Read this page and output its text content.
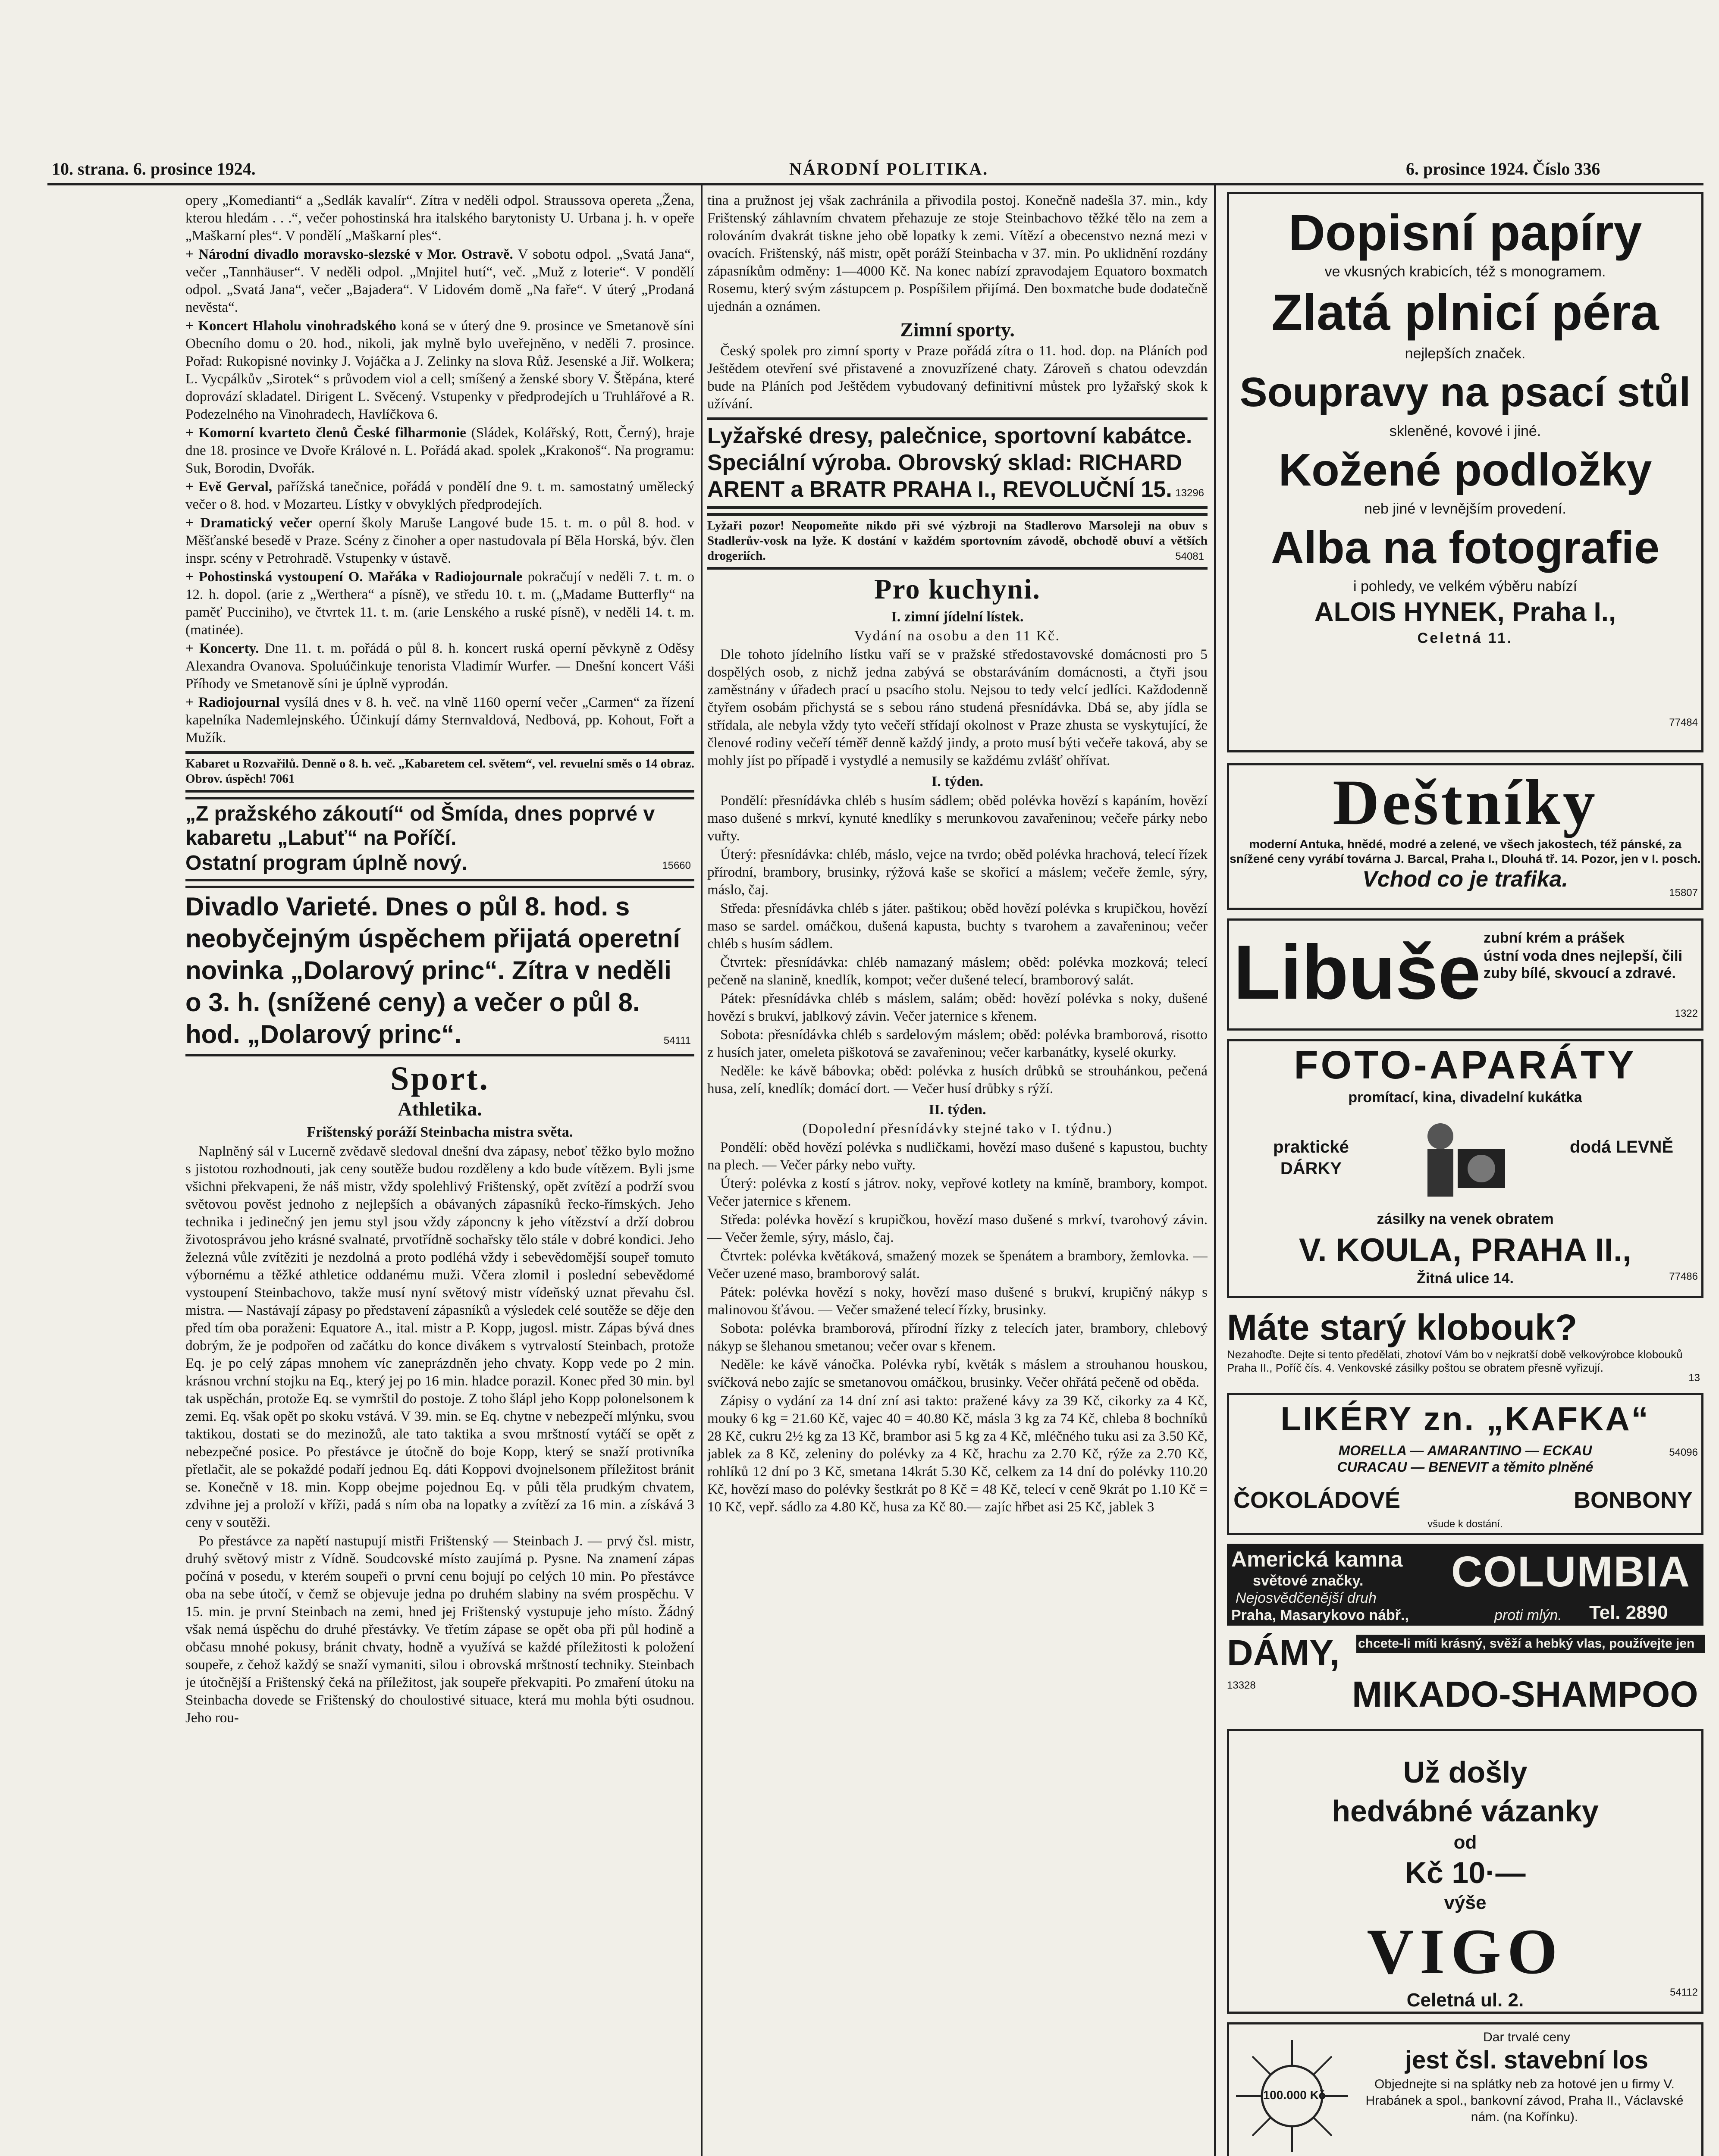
10. strana. 6. prosince 1924.	NÁRODNÍ POLITIKA.	6. prosince 1924. Číslo 336

opery „Komedianti“ a „Sedlák kavalír“. Zítra v neděli odpol. Straussova opereta „Žena, kterou hledám . . .“, večer pohostinská hra italského barytonisty U. Urbana j. h. v opeře „Maškarní ples“. V pondělí „Maškarní ples“.

+ Národní divadlo moravsko-slezské v Mor. Ostravě. V sobotu odpol. „Svatá Jana“, večer „Tannhäuser“. V neděli odpol. „Mnjitel hutí“, več. „Muž z loterie“. V pondělí odpol. „Svatá Jana“, večer „Bajadera“. V Lidovém domě „Na faře“. V úterý „Prodaná nevěsta“.

+ Koncert Hlaholu vinohradského koná se v úterý dne 9. prosince ve Smetanově síni Obecního domu o 20. hod., nikoli, jak mylně bylo uveřejněno, v neděli 7. prosince. Pořad: Rukopisné novinky J. Vojáčka a J. Zelinky na slova Růž. Jesenské a Jiř. Wolkera; L. Vycpálkův „Sirotek“ s průvodem viol a cell; smíšený a ženské sbory V. Štěpána, které doprovází skladatel. Dirigent L. Svěcený. Vstupenky v předprodejích u Truhlářové a R. Podezelného na Vinohradech, Havlíčkova 6.

+ Komorní kvarteto členů České filharmonie (Sládek, Kolářský, Rott, Černý), hraje dne 18. prosince ve Dvoře Králové n. L. Pořádá akad. spolek „Krakonoš“. Na programu: Suk, Borodin, Dvořák.

+ Evě Gerval, pařížská tanečnice, pořádá v pondělí dne 9. t. m. samostatný umělecký večer o 8. hod. v Mozarteu. Lístky v obvyklých předprodejích.

+ Dramatický večer operní školy Maruše Langové bude 15. t. m. o půl 8. hod. v Měšťanské besedě v Praze. Scény z činoher a oper nastudovala pí Běla Horská, býv. člen inspr. scény v Petrohradě. Vstupenky v ústavě.

+ Pohostinská vystoupení O. Mařáka v Radiojournale pokračují v neděli 7. t. m. o 12. h. dopol. (arie z „Werthera“ a písně), ve středu 10. t. m. („Madame Butterfly“ na paměť Pucciniho), ve čtvrtek 11. t. m. (arie Lenského a ruské písně), v neděli 14. t. m. (matinée).

+ Koncerty. Dne 11. t. m. pořádá o půl 8. h. koncert ruská operní pěvkyně z Oděsy Alexandra Ovanova. Spoluúčinkuje tenorista Vladimír Wurfer. — Dnešní koncert Váši Příhody ve Smetanově síni je úplně vyprodán.

+ Radiojournal vysílá dnes v 8. h. več. na vlně 1160 operní večer „Carmen“ za řízení kapelníka Nademlejnského. Účinkují dámy Sternvaldová, Nedbová, pp. Kohout, Fořt a Mužík.

Kabaret u Rozvařilů. Denně o 8. h. več. „Kabaretem cel. světem“, vel. revuelní směs o 14 obraz. Obrov. úspěch! 7061

„Z pražského zákoutí“ od Šmída, dnes poprvé v kabaretu „Labuť“ na Poříčí.

Ostatní program úplně nový.	15660

Divadlo Varieté. Dnes o půl 8. hod. s neobyčejným úspěchem přijatá operetní novinka „Dolarový princ“. Zítra v neděli o 3. h. (snížené ceny) a večer o půl 8. hod. „Dolarový princ“.	54111
Sport.
Athletika.
Frištenský poráží Steinbacha mistra světa.

Naplněný sál v Lucerně zvědavě sledoval dnešní dva zápasy, neboť těžko bylo možno s jistotou rozhodnouti, jak ceny soutěže budou rozděleny a kdo bude vítězem. Byli jsme všichni překvapeni, že náš mistr, vždy spolehlivý Frištenský, opět zvítězí a podrží svou světovou pověst jednoho z nejlepších a obávaných zápasníků řecko-římských. Jeho technika i jedinečný jen jemu styl jsou vždy záponcny k jeho vítězství a drží dobrou životosprávou jeho krásné svalnaté, prvotřídně sochařsky tělo stále v dobré kondici. Jeho železná vůle zvítěziti je nezdolná a proto podléhá vždy i sebevědomější soupeř tomuto výbornému a těžké athletice oddanému muži. Včera zlomil i poslední sebevědomé vystoupení Steinbachovo, takže musí nyní světový mistr vídeňský uznat převahu čsl. mistra. — Nastávají zápasy po představení zápasníků a výsledek celé soutěže se děje den před tím oba poraženi: Equatore A., ital. mistr a P. Kopp, jugosl. mistr. Zápas bývá dnes dobrým, že je podpořen od začátku do konce divákem s vytrvalostí Steinbach, protože Eq. je po celý zápas mnohem víc zaneprázdněn jeho chvaty. Kopp vede po 2 min. krásnou vrchní stojku na Eq., který jej po 16 min. hladce porazil. Konec před 30 min. byl tak uspěchán, protože Eq. se vymrštil do postoje. Z toho šlápl jeho Kopp polonelsonem k zemi. Eq. však opět po skoku vstává. V 39. min. se Eq. chytne v nebezpečí mlýnku, svou taktikou, dostati se do mezinožů, ale tato taktika a svou mrštností vytáčí se opět z nebezpečné posice. Po přestávce je útočně do boje Kopp, který se snaží protivníka přetlačit, ale se pokaždé podaří jednou Eq. dáti Koppovi dvojnelsonem příležitost bránit se. Konečně v 18. min. Kopp obejme pojednou Eq. v půli těla prudkým chvatem, zdvihne jej a proloží v kříži, padá s ním oba na lopatky a zvítězí za 16 min. a získává 3 ceny v soutěži.

Po přestávce za napětí nastupují mistři Frištenský — Steinbach J. — prvý čsl. mistr, druhý světový mistr z Vídně. Soudcovské místo zaujímá p. Pysne. Na znamení zápas počíná v posedu, v kterém soupeři o první cenu bojují po celých 10 min. Po přestávce oba na sebe útočí, v čemž se objevuje jedna po druhém slabiny na svém prospěchu. V 15. min. je první Steinbach na zemi, hned jej Frištenský vystupuje jeho místo. Žádný však nemá úspěchu do druhé přestávky. Ve třetím zápase se opět oba při půl hodině a občasu mnohé pokusy, bránit chvaty, hodně a využívá se každé příležitosti k položení soupeře, z čehož každý se snaží vymaniti, silou i obrovská mrštností techniky. Steinbach je útočnější a Frištenský čeká na příležitost, jak soupeře překvapiti. Po zmaření útoku na Steinbacha dovede se Frištenský do choulostivé situace, která mu mohla býti osudnou. Jeho rou-

tina a pružnost jej však zachránila a přivodila postoj. Konečně nadešla 37. min., kdy Frištenský záhlavním chvatem přehazuje ze stoje Steinbachovo těžké tělo na zem a rolováním dvakrát tiskne jeho obě lopatky k zemi. Vítězí a obecenstvo nezná mezi v ovacích. Frištenský, náš mistr, opět poráží Steinbacha v 37. min. Po uklidnění rozdány zápasníkům odměny: 1—4000 Kč. Na konec nabízí zpravodajem Equatoro boxmatch Rosemu, který svým zástupcem p. Pospíšilem přijímá. Den boxmatche bude dodatečně ujednán a oznámen.

Zimní sporty.

Český spolek pro zimní sporty v Praze pořádá zítra o 11. hod. dop. na Pláních pod Ještědem otevření své přistavené a znovuzřízené chaty. Zároveň s chatou odevzdán bude na Pláních pod Ještědem vybudovaný definitivní můstek pro lyžařský skok k užívání.

Lyžařské dresy, palečnice, sportovní kabátce. Speciální výroba. Obrovský sklad: RICHARD ARENT a BRATR PRAHA I., REVOLUČNÍ 15. 13296

Lyžaři pozor! Neopomeňte nikdo při své výzbroji na Stadlerovo Marsoleji na obuv s Stadlerův-vosk na lyže. K dostání v každém sportovním závodě, obchodě obuví a větších drogeriích.	54081
Pro kuchyni.
I. zimní jídelní lístek.

Vydání na osobu a den 11 Kč.

Dle tohoto jídelního lístku vaří se v pražské středostavovské domácnosti pro 5 dospělých osob, z nichž jedna zabývá se obstaráváním domácnosti, a čtyři jsou zaměstnány v úřadech prací u psacího stolu. Nejsou to tedy velcí jedlíci. Každodenně čtyřem osobám přichystá se s sebou ráno studená přesnídávka. Dbá se, aby jídla se střídala, ale nebyla vždy tyto večeří střídají okolnost v Praze zhusta se vyskytující, že členové rodiny večeří téměř denně každý jindy, a proto musí býti večeře taková, aby se mohly jíst po případě i vystydlé a nemusily se každému zvlášť ohřívat.

I. týden.

Pondělí: přesnídávka chléb s husím sádlem; oběd polévka hovězí s kapáním, hovězí maso dušené s mrkví, kynuté knedlíky s merunkovou zavařeninou; večeře párky nebo vuřty.

Úterý: přesnídávka: chléb, máslo, vejce na tvrdo; oběd polévka hrachová, telecí řízek přírodní, brambory, brusinky, rýžová kaše se skořicí a máslem; večeře žemle, sýry, máslo, čaj.

Středa: přesnídávka chléb s játer. paštikou; oběd hovězí polévka s krupičkou, hovězí maso se sardel. omáčkou, dušená kapusta, buchty s tvarohem a zavařeninou; večer chléb s husím sádlem.

Čtvrtek: přesnídávka: chléb namazaný máslem; oběd: polévka mozková; telecí pečeně na slanině, knedlík, kompot; večer dušené telecí, bramborový salát.

Pátek: přesnídávka chléb s máslem, salám; oběd: hovězí polévka s noky, dušené hovězí s brukví, jablkový závin. Večer jaternice s křenem.

Sobota: přesnídávka chléb s sardelovým máslem; oběd: polévka bramborová, risotto z husích jater, omeleta piškotová se zavařeninou; večer karbanátky, kyselé okurky.

Neděle: ke kávě bábovka; oběd: polévka z husích drůbků se strouhánkou, pečená husa, zelí, knedlík; domácí dort. — Večer husí drůbky s rýží.

II. týden.

(Dopolední přesnídávky stejné tako v I. týdnu.)

Pondělí: oběd hovězí polévka s nudličkami, hovězí maso dušené s kapustou, buchty na plech. — Večer párky nebo vuřty.

Úterý: polévka z kostí s játrov. noky, vepřové kotlety na kmíně, brambory, kompot. Večer jaternice s křenem.

Středa: polévka hovězí s krupičkou, hovězí maso dušené s mrkví, tvarohový závin. — Večer žemle, sýry, máslo, čaj.

Čtvrtek: polévka květáková, smažený mozek se špenátem a brambory, žemlovka. — Večer uzené maso, bramborový salát.

Pátek: polévka hovězí s noky, hovězí maso dušené s brukví, krupičný nákyp s malinovou šťávou. — Večer smažené telecí řízky, brusinky.

Sobota: polévka bramborová, přírodní řízky z telecích jater, brambory, chlebový nákyp se šlehanou smetanou; večer ovar s křenem.

Neděle: ke kávě vánočka. Polévka rybí, květák s máslem a strouhanou houskou, svíčková nebo zajíc se smetanovou omáčkou, brusinky. Večer ohřátá pečeně od oběda.

Zápisy o vydání za 14 dní zní asi takto: pražené kávy za 39 Kč, cikorky za 4 Kč, mouky 6 kg = 21.60 Kč, vajec 40 = 40.80 Kč, másla 3 kg za 74 Kč, chleba 8 bochníků 28 Kč, cukru 2½ kg za 13 Kč, brambor asi 5 kg za 4 Kč, mléčného tuku asi za 3.50 Kč, jablek za 8 Kč, zeleniny do polévky za 4 Kč, hrachu za 2.70 Kč, rýže za 2.70 Kč, rohlíků 12 dní po 3 Kč, smetana 14krát 5.30 Kč, celkem za 14 dní do polévky 110.20 Kč, hovězí maso do polévky šestkrát po 8 Kč = 48 Kč, telecí v ceně 9krát po 1.10 Kč = 10 Kč, vepř. sádlo za 4.80 Kč, husa za Kč 80.— zajíc hřbet asi 25 Kč, jablek 3

Dopisní papíry
ve vkusných krabicích, též s monogramem.
Zlatá plnicí péra
nejlepších značek.
Soupravy na psací stůl
skleněné, kovové i jiné.
Kožené podložky
neb jiné v levnějším provedení.
Alba na fotografie
i pohledy, ve velkém výběru nabízí
ALOIS HYNEK, Praha I.,
Celetná 11.
77484
Deštníky
moderní Antuka, hnědé, modré a zelené, ve všech jakostech, též pánské, za snížené ceny vyrábí továrna J. Barcal, Praha I., Dlouhá tř. 14. Pozor, jen v I. posch.
Vchod co je trafika.
15807
Libuše zubní krém a prášek
ústní voda dnes nejlepší, čili zuby bílé, skvoucí a zdravé.
1322
FOTO-APARÁTY
promítací, kina, divadelní kukátka
praktické DÁRKY
dodá LEVNĚ
zásilky na venek obratem
V. KOULA, PRAHA II.,
Žitná ulice 14.	77486
Máte starý klobouk?
Nezahoďte. Dejte si tento předělati, zhotoví Vám bo v nejkratší době velkovýrobce klobouků Praha II., Poříč čís. 4. Venkovské zásilky poštou se obratem přesně vyřizují.
13
LIKÉRY zn. „KAFKA“
MORELLA — AMARANTINO — ECKAU
CURACAU — BENEVIT a těmito plněné
ČOKOLÁDOVÉ	BONBONY
všude k dostání.
54096
Americká kamna COLUMBIA
světové značky.
Nejosvědčenější druh
Praha, Masarykovo nábř.,	proti mlýn. Tel. 2890
DÁMY, chcete-li míti krásný, svěží a hebký vlas, používejte jen
MIKADO-SHAMPOO
13328
Už došly
hedvábné vázanky
od
Kč 10·—
výše
VIGO
Celetná ul. 2.	54112
100.000 Kč
Dar trvalé ceny
jest čsl. stavební los
Objednejte si na splátky neb za hotové jen u firmy V. Hrabánek a spol., bankovní závod, Praha II., Václavské nám. (na Kořínku).
